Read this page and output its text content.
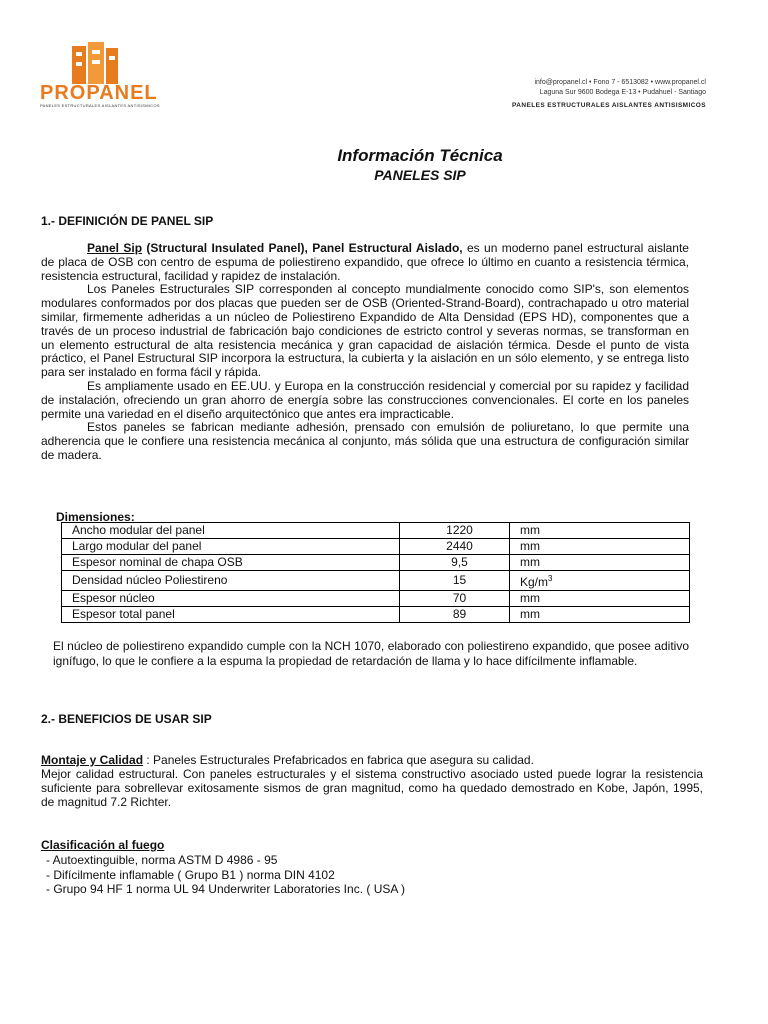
PROPANEL
PANELES ESTRUCTURALES AISLANTES ANTISISMICOS
info@propanel.cl • Fono 7 - 6513082 • www.propanel.cl
Laguna Sur 9600 Bodega E-13 • Pudahuel - Santiago
PANELES ESTRUCTURALES AISLANTES ANTISISMICOS
Información Técnica
PANELES SIP
1.- DEFINICIÓN DE PANEL SIP

Panel Sip (Structural Insulated Panel), Panel Estructural Aislado, es un moderno panel estructural aislante de placa de OSB con centro de espuma de poliestireno expandido, que ofrece lo último en cuanto a resistencia térmica, resistencia estructural, facilidad y rapidez de instalación.

Los Paneles Estructurales SIP corresponden al concepto mundialmente conocido como SIP's, son elementos modulares conformados por dos placas que pueden ser de OSB (Oriented-Strand-Board), contrachapado u otro material similar, firmemente adheridas a un núcleo de Poliestireno Expandido de Alta Densidad (EPS HD), componentes que a través de un proceso industrial de fabricación bajo condiciones de estricto control y severas normas, se transforman en un elemento estructural de alta resistencia mecánica y gran capacidad de aislación térmica. Desde el punto de vista práctico, el Panel Estructural SIP incorpora la estructura, la cubierta y la aislación en un sólo elemento, y se entrega listo para ser instalado en forma fácil y rápida.

Es ampliamente usado en EE.UU. y Europa en la construcción residencial y comercial por su rapidez y facilidad de instalación, ofreciendo un gran ahorro de energía sobre las construcciones convencionales. El corte en los paneles permite una variedad en el diseño arquitectónico que antes era impracticable.

Estos paneles se fabrican mediante adhesión, prensado con emulsión de poliuretano, lo que permite una adherencia que le confiere una resistencia mecánica al conjunto, más sólida que una estructura de configuración similar de madera.

Dimensiones:
Ancho modular del panel	1220	mm
Largo modular del panel	2440	mm
Espesor nominal de chapa OSB	9,5	mm
Densidad núcleo Poliestireno	15	$Kg/m^3$
Espesor núcleo	70	mm
Espesor total panel	89	mm
El núcleo de poliestireno expandido cumple con la NCH 1070, elaborado con poliestireno expandido, que posee aditivo ignífugo, lo que le confiere a la espuma la propiedad de retardación de llama y lo hace difícilmente inflamable.
2.- BENEFICIOS DE USAR SIP
Montaje y Calidad : Paneles Estructurales Prefabricados en fabrica que asegura su calidad.
Mejor calidad estructural. Con paneles estructurales y el sistema constructivo asociado usted puede lograr la resistencia suficiente para sobrellevar exitosamente sismos de gran magnitud, como ha quedado demostrado en Kobe, Japón, 1995, de magnitud 7.2 Richter.
Clasificación al fuego
- Autoextinguible, norma ASTM D 4986 - 95
- Difícilmente inflamable ( Grupo B1 ) norma DIN 4102
- Grupo 94 HF 1 norma UL 94 Underwriter Laboratories Inc. ( USA )
